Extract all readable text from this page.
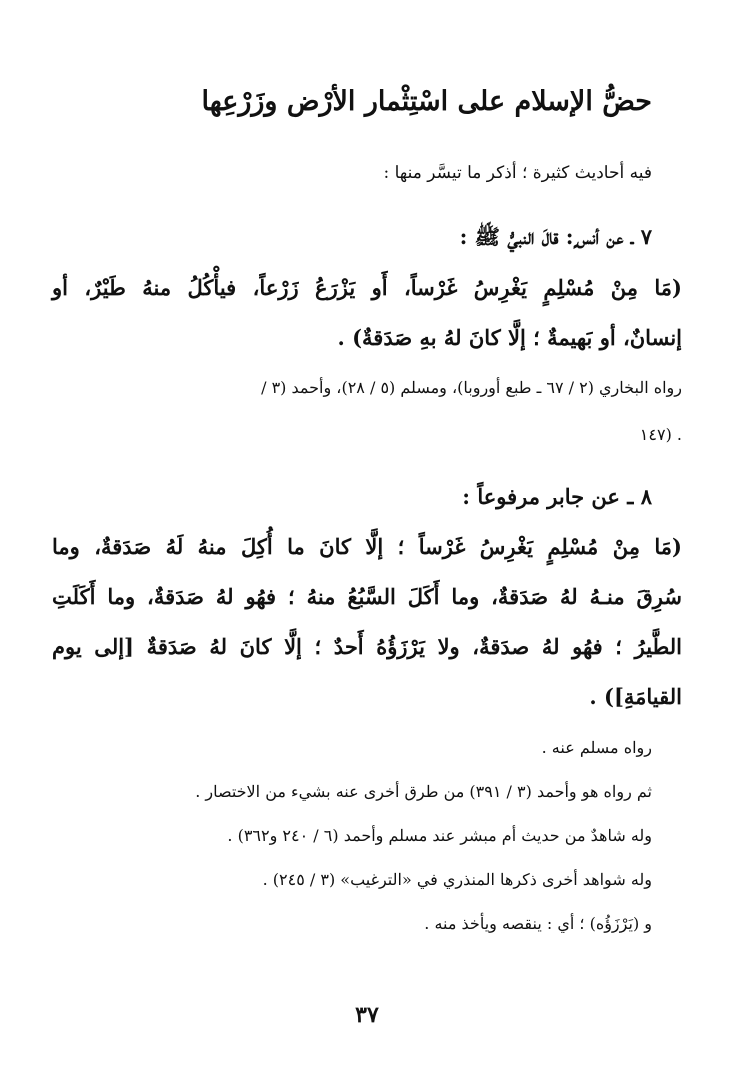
حضُّ الإسلام على اسْتِثْمار الأرْض وزَرْعِها
فيه أحاديث كثيرة ؛ أذكر ما تيسَّر منها :
٧ ـ عن أنس ٍ: قالَ النبيُّ ﷺ :
(مَا مِنْ مُسْلِمٍ يَغْرِسُ غَرْساً، أَو يَزْرَعُ زَرْعاً، فيأْكُلُ منهُ طَيْرٌ، أو
إنسانٌ، أو بَهيمةٌ ؛ إلَّا كانَ لهُ بهِ صَدَقةٌ) .
رواه البخاري (٢ / ٦٧ ـ طبع أوروبا)، ومسلم (٥ / ٢٨)، وأحمد (٣ /
١٤٧) .
٨ ـ عن جابر مرفوعاً :
(مَا مِنْ مُسْلِمٍ يَغْرِسُ غَرْساً ؛ إلَّا كانَ ما أُكِلَ منهُ لَهُ صَدَقةٌ، وما
سُرِقَ منـهُ لهُ صَدَقةٌ، وما أَكَلَ السَّبُعُ منهُ ؛ فهُو لهُ صَدَقةٌ، وما أَكَلَتِ
الطَّيرُ ؛ فهُو لهُ صدَقةٌ، ولا يَرْزَؤُهُ أَحدٌ ؛ إلَّا كانَ لهُ صَدَقةٌ [إلى يوم
القيامَةِ]) .
رواه مسلم عنه .
ثم رواه هو وأحمد (٣ / ٣٩١) من طرق أخرى عنه بشيء من الاختصار .
وله شاهدٌ من حديث أم مبشر عند مسلم وأحمد (٦ / ٢٤٠ و٣٦٢) .
وله شواهد أخرى ذكرها المنذري في «الترغيب» (٣ / ٢٤٥) .
و (يَرْزَؤُه) ؛ أي : ينقصه ويأخذ منه .
٣٧
